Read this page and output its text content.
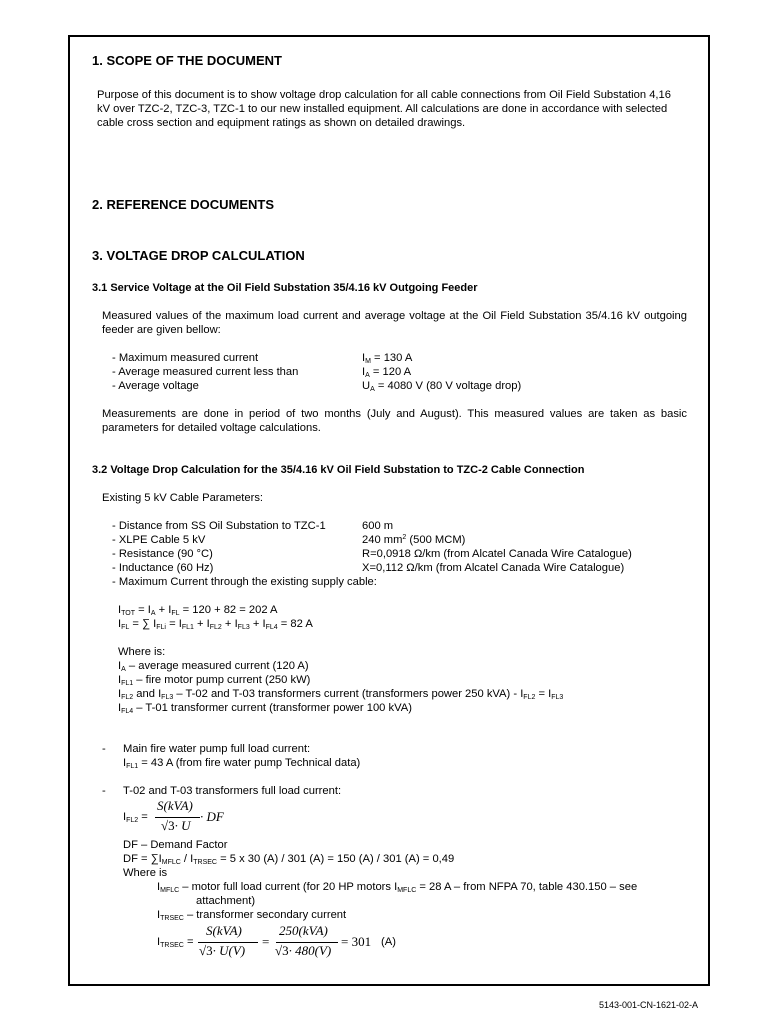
1. SCOPE OF THE DOCUMENT
Purpose of this document is to show voltage drop calculation for all cable connections from Oil Field Substation 4,16 kV over TZC-2, TZC-3, TZC-1 to our new installed equipment. All calculations are done in accordance with selected cable cross section and equipment ratings as shown on detailed drawings.
2. REFERENCE DOCUMENTS
3. VOLTAGE DROP CALCULATION
3.1 Service Voltage at the Oil Field Substation 35/4.16 kV Outgoing Feeder
Measured values of the maximum load current and average voltage at the Oil Field Substation 35/4.16 kV outgoing feeder are given bellow:
- Maximum measured current	$I_M = 130$ A
- Average measured current less than	$I_A = 120$ A
- Average voltage	$U_A = 4080$ V (80 V voltage drop)
Measurements are done in period of two months (July and August). This measured values are taken as basic parameters for detailed voltage calculations.
3.2 Voltage Drop Calculation for the 35/4.16 kV Oil Field Substation to TZC-2 Cable Connection
Existing 5 kV Cable Parameters:
- Distance from SS Oil Substation to TZC-1	600 m
- XLPE Cable 5 kV	240 $mm^2$ (500 MCM)
- Resistance (90 °C)	R=0,0918 Ω/km (from Alcatel Canada Wire Catalogue)
- Inductance (60 Hz)	X=0,112 Ω/km (from Alcatel Canada Wire Catalogue)
- Maximum Current through the existing supply cable:
$I_{TOT} = I_A + I_{FL} = 120 + 82 = 202$ A
$I_{FL}$ = ∑ $I_{FLi} = I_{FL1} + I_{FL2} + I_{FL3} + I_{FL4} = 82$ A
Where is:
$I_A$ – average measured current (120 A)
$I_{FL1}$ – fire motor pump current (250 kW)
$I_{FL2}$ and $I_{FL3} - T-02$ and T-03 transformers current (transformers power 250 $kVA) - I_{FL2} = I_{FL3}$
$I_{FL4} - T-01$ transformer current (transformer power 100 kVA)
- Main fire water pump full load current:
$I_{FL1} = 43$ A (from fire water pump Technical data)
- T-02 and T-03 transformers full load current:
$I_{FL2}$ =
S(kVA)
√3· U
· DF
DF – Demand Factor
DF = $\sum I_{MFLC} / I_{TRSEC} = 5$ x 30 (A) / 301 (A) = 150 (A) / 301 (A) = 0,49
Where is
$I_{MFLC}$ – motor full load current (for 20 HP motors $I_{MFLC} = 28$ A – from NFPA 70, table 430.150 – see
attachment)
$I_{TRSEC}$ – transformer secondary current
$I_{TRSEC}$ =
S(kVA)
√3· U(V)
=
250(kVA)
√3· 480(V)
= 301 (A)
5143-001-CN-1621-02-A
